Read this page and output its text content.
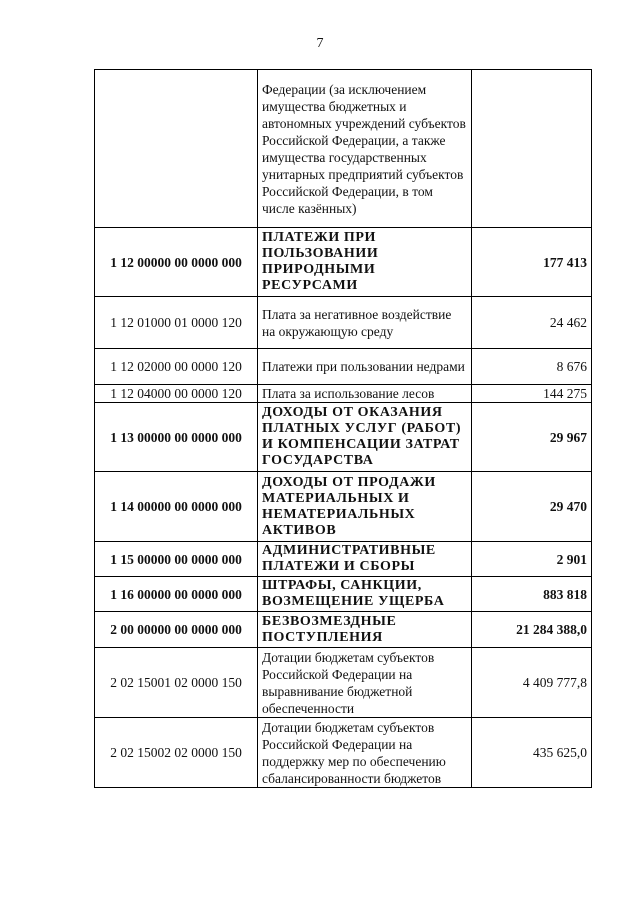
7
	Федерации (за исключением имущества бюджетных и автономных учреждений субъектов Российской Федерации, а также имущества государственных унитарных предприятий субъектов Российской Федерации, в том числе казённых)	
1 12 00000 00 0000 000	ПЛАТЕЖИ ПРИ ПОЛЬЗОВАНИИ ПРИРОДНЫМИ РЕСУРСАМИ	177 413
1 12 01000 01 0000 120	Плата за негативное воздействие на окружающую среду	24 462
1 12 02000 00 0000 120	Платежи при пользовании недрами	8 676
1 12 04000 00 0000 120	Плата за использование лесов	144 275
1 13 00000 00 0000 000	ДОХОДЫ ОТ ОКАЗАНИЯ ПЛАТНЫХ УСЛУГ (РАБОТ) И КОМПЕНСАЦИИ ЗАТРАТ ГОСУДАРСТВА	29 967
1 14 00000 00 0000 000	ДОХОДЫ ОТ ПРОДАЖИ МАТЕРИАЛЬНЫХ И НЕМАТЕРИАЛЬНЫХ АКТИВОВ	29 470
1 15 00000 00 0000 000	АДМИНИСТРАТИВНЫЕ ПЛАТЕЖИ И СБОРЫ	2 901
1 16 00000 00 0000 000	ШТРАФЫ, САНКЦИИ, ВОЗМЕЩЕНИЕ УЩЕРБА	883 818
2 00 00000 00 0000 000	БЕЗВОЗМЕЗДНЫЕ ПОСТУПЛЕНИЯ	21 284 388,0
2 02 15001 02 0000 150	Дотации бюджетам субъектов Российской Федерации на выравнивание бюджетной обеспеченности	4 409 777,8
2 02 15002 02 0000 150	Дотации бюджетам субъектов Российской Федерации на поддержку мер по обеспечению сбалансированности бюджетов	435 625,0
